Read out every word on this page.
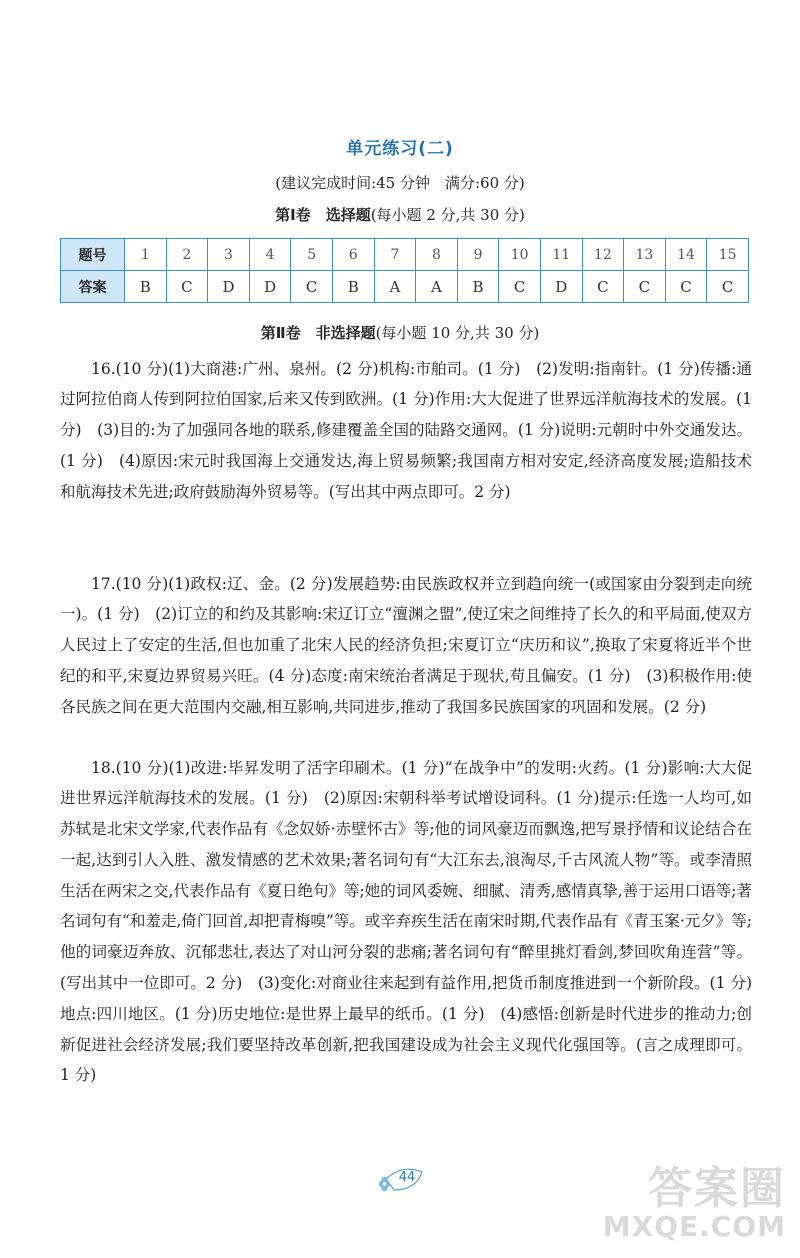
单元练习(二)
(建议完成时间:45 分钟　满分:60 分)
第Ⅰ卷　选择题(每小题 2 分,共 30 分)
题号	1	2	3	4	5	6	7	8	9	10	11	12	13	14	15
答案	B	C	D	D	C	B	A	A	B	C	D	C	C	C	C
第Ⅱ卷　非选择题(每小题 10 分,共 30 分)

16.(10 分)(1)大商港:广州、泉州。(2 分)机构:市舶司。(1 分)　(2)发明:指南针。(1 分)传播:通过阿拉伯商人传到阿拉伯国家,后来又传到欧洲。(1 分)作用:大大促进了世界远洋航海技术的发展。(1 分)　(3)目的:为了加强同各地的联系,修建覆盖全国的陆路交通网。(1 分)说明:元朝时中外交通发达。(1 分)　(4)原因:宋元时我国海上交通发达,海上贸易频繁;我国南方相对安定,经济高度发展;造船技术和航海技术先进;政府鼓励海外贸易等。(写出其中两点即可。2 分)

17.(10 分)(1)政权:辽、金。(2 分)发展趋势:由民族政权并立到趋向统一(或国家由分裂到走向统一)。(1 分)　(2)订立的和约及其影响:宋辽订立“澶渊之盟”,使辽宋之间维持了长久的和平局面,使双方人民过上了安定的生活,但也加重了北宋人民的经济负担;宋夏订立“庆历和议”,换取了宋夏将近半个世纪的和平,宋夏边界贸易兴旺。(4 分)态度:南宋统治者满足于现状,苟且偏安。(1 分)　(3)积极作用:使各民族之间在更大范围内交融,相互影响,共同进步,推动了我国多民族国家的巩固和发展。(2 分)

18.(10 分)(1)改进:毕昇发明了活字印刷术。(1 分)“在战争中”的发明:火药。(1 分)影响:大大促进世界远洋航海技术的发展。(1 分)　(2)原因:宋朝科举考试增设词科。(1 分)提示:任选一人均可,如苏轼是北宋文学家,代表作品有《念奴娇·赤壁怀古》等;他的词风豪迈而飘逸,把写景抒情和议论结合在一起,达到引人入胜、激发情感的艺术效果;著名词句有“大江东去,浪淘尽,千古风流人物”等。或李清照生活在两宋之交,代表作品有《夏日绝句》等;她的词风委婉、细腻、清秀,感情真挚,善于运用口语等;著名词句有“和羞走,倚门回首,却把青梅嗅”等。或辛弃疾生活在南宋时期,代表作品有《青玉案·元夕》等;他的词豪迈奔放、沉郁悲壮,表达了对山河分裂的悲痛;著名词句有“醉里挑灯看剑,梦回吹角连营”等。(写出其中一位即可。2 分)　(3)变化:对商业往来起到有益作用,把货币制度推进到一个新阶段。(1 分)地点:四川地区。(1 分)历史地位:是世界上最早的纸币。(1 分)　(4)感悟:创新是时代进步的推动力;创新促进社会经济发展;我们要坚持改革创新,把我国建设成为社会主义现代化强国等。(言之成理即可。1 分)

44	答案圈
MXQE.COM
